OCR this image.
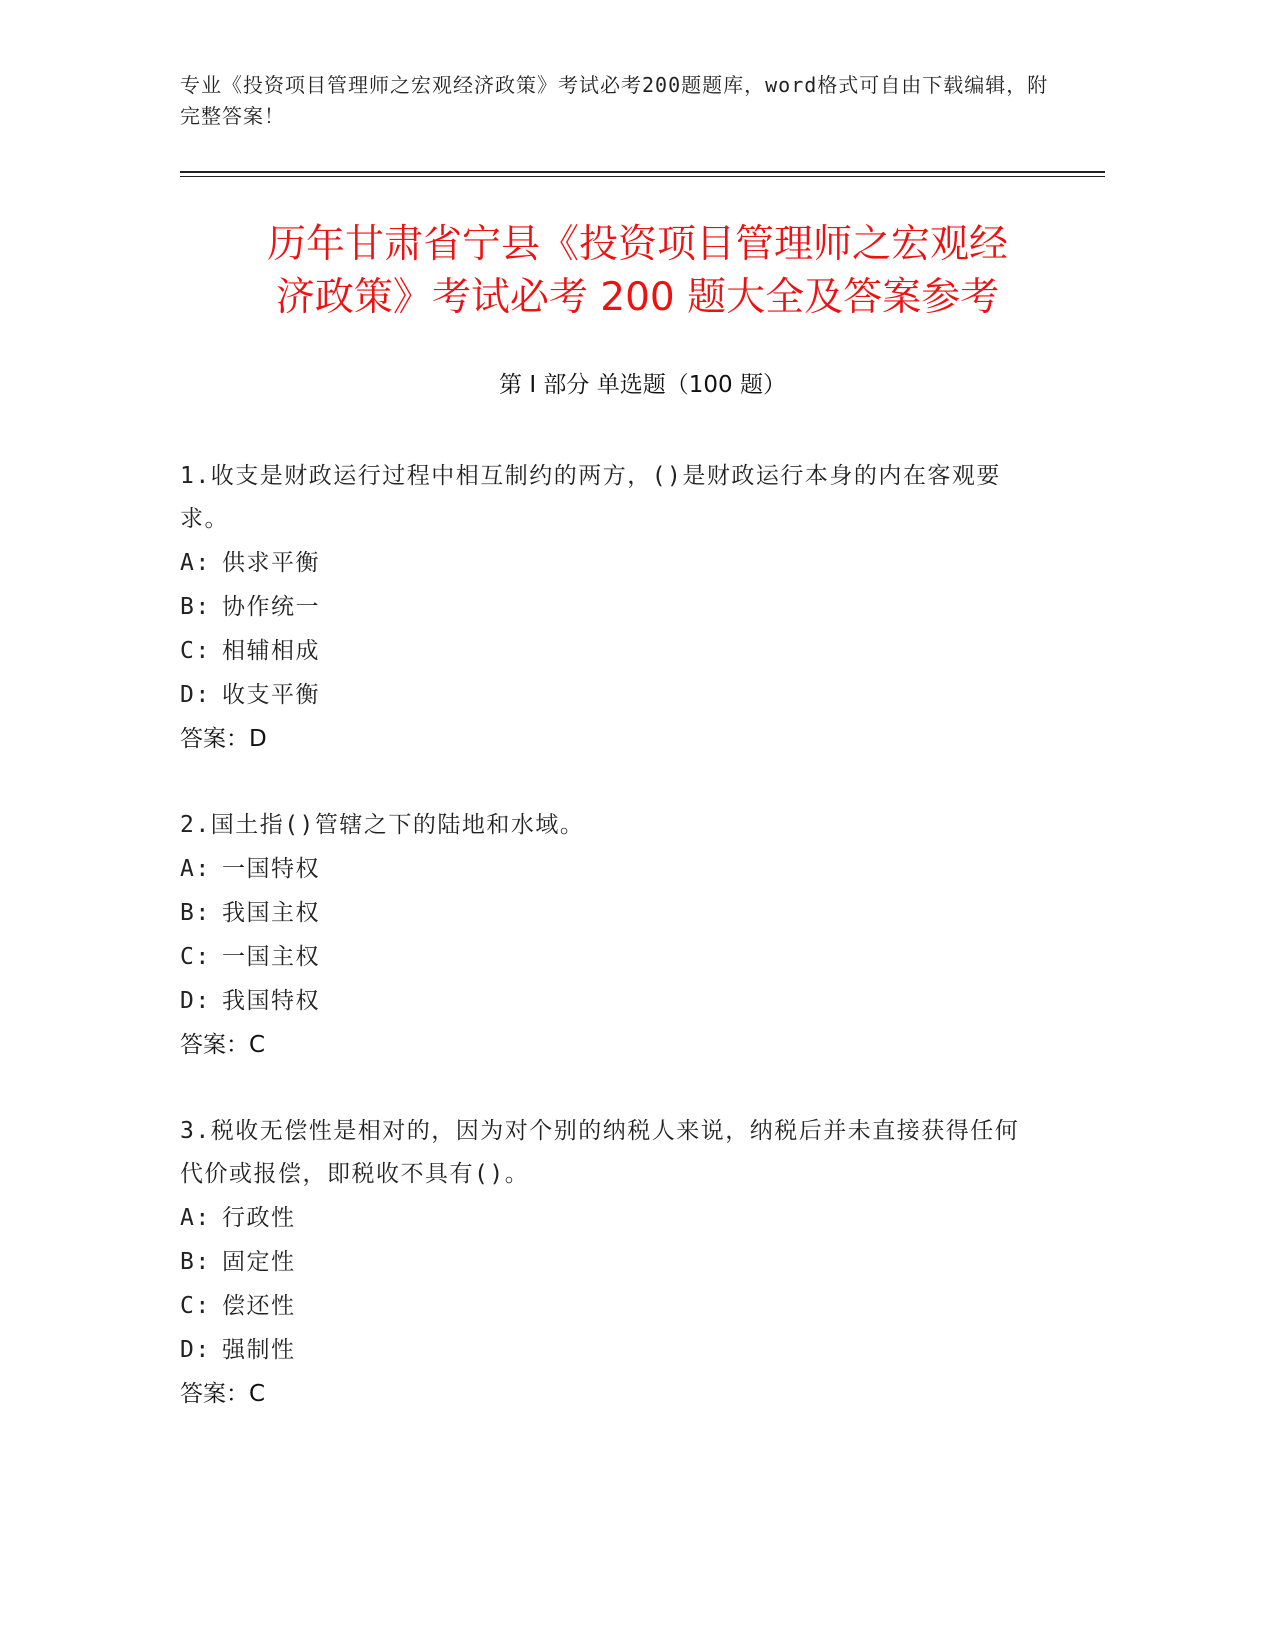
专业《投资项目管理师之宏观经济政策》考试必考200题题库，word格式可自由下载编辑，附完整答案！
历年甘肃省宁县《投资项目管理师之宏观经
济政策》考试必考 200 题大全及答案参考
第 I 部分 单选题（100 题）
1.收支是财政运行过程中相互制约的两方，()是财政运行本身的内在客观要求。
A: 供求平衡
B: 协作统一
C: 相辅相成
D: 收支平衡
答案：D
2.国土指()管辖之下的陆地和水域。
A: 一国特权
B: 我国主权
C: 一国主权
D: 我国特权
答案：C
3.税收无偿性是相对的，因为对个别的纳税人来说，纳税后并未直接获得任何代价或报偿，即税收不具有()。
A: 行政性
B: 固定性
C: 偿还性
D: 强制性
答案：C
